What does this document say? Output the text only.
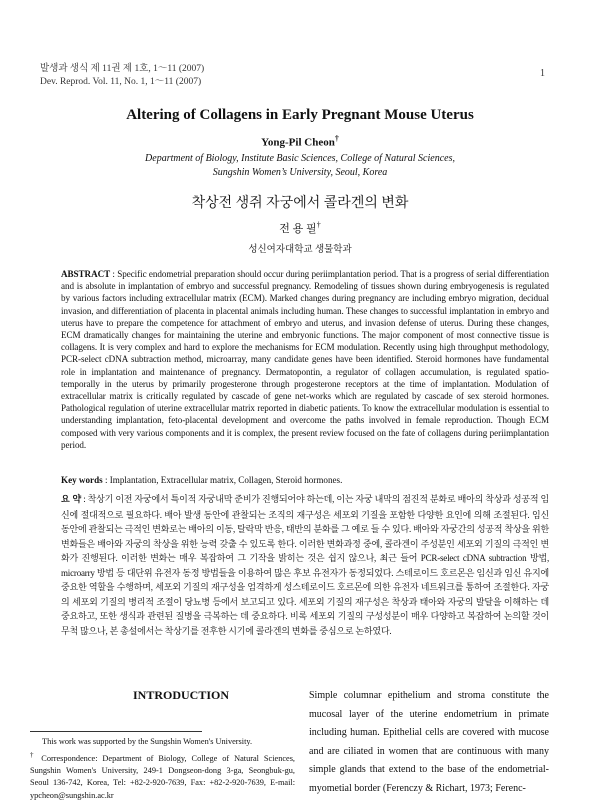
발생과 생식 제 11권 제 1호, 1～11 (2007)
Dev. Reprod. Vol. 11, No. 1, 1～11 (2007)
1
Altering of Collagens in Early Pregnant Mouse Uterus
Yong-Pil Cheon†
Department of Biology, Institute Basic Sciences, College of Natural Sciences,
Sungshin Women’s University, Seoul, Korea
착상전 생쥐 자궁에서 콜라겐의 변화
전 용 필†
성신여자대학교 생물학과
ABSTRACT : Specific endometrial preparation should occur during periimplantation period. That is a progress of serial differentiation and is absolute in implantation of embryo and successful pregnancy. Remodeling of tissues shown during embryogenesis is regulated by various factors including extracellular matrix (ECM). Marked changes during pregnancy are including embryo migration, decidual invasion, and differentiation of placenta in placental animals including human. These changes to successful implantation in embryo and uterus have to prepare the competence for attachment of embryo and uterus, and invasion defense of uterus. During these changes, ECM dramatically changes for maintaining the uterine and embryonic functions. The major component of most connective tissue is collagens. It is very complex and hard to explore the mechanisms for ECM modulation. Recently using high throughput methodology, PCR-select cDNA subtraction method, microarray, many candidate genes have been identified. Steroid hormones have fundamental role in implantation and maintenance of pregnancy. Dermatopontin, a regulator of collagen accumulation, is regulated spatio-temporally in the uterus by primarily progesterone through progesterone receptors at the time of implantation. Modulation of extracellular matrix is critically regulated by cascade of gene net-works which are regulated by cascade of sex steroid hormones. Pathological regulation of uterine extracellular matrix reported in diabetic patients. To know the extracellular modulation is essential to understanding implantation, feto-placental development and overcome the paths involved in female reproduction. Though ECM composed with very various components and it is complex, the present review focused on the fate of collagens during periimplantation period.
Key words : Implantation, Extracellular matrix, Collagen, Steroid hormones.
요 약 : 착상기 이전 자궁에서 특이적 자궁내막 준비가 진행되어야 하는데, 이는 자궁 내막의 점진적 분화로 배아의 착상과 성공적 임신에 절대적으로 필요하다. 배아 발생 동안에 관찰되는 조직의 재구성은 세포외 기질을 포함한 다양한 요인에 의해 조절된다. 임신 동안에 관찰되는 극적인 변화로는 배아의 이동, 탈락막 반응, 태반의 분화를 그 예로 들 수 있다. 배아와 자궁간의 성공적 착상을 위한 변화들은 배아와 자궁의 착상을 위한 능력 갖출 수 있도록 한다. 이러한 변화과정 중에, 콜라겐이 주성분인 세포외 기질의 극적인 변화가 진행된다. 이러한 변화는 매우 복잡하여 그 기작을 밝히는 것은 쉽지 않으나, 최근 들어 PCR-select cDNA subtraction 방법, microarry 방법 등 대단위 유전자 동정 방법들을 이용하여 많은 후보 유전자가 동정되었다. 스테로이드 호르몬은 임신과 임신 유지에 중요한 역할을 수행하며, 세포외 기질의 재구성을 엄격하게 성스테로이드 호르몬에 의한 유전자 네트워크를 통하여 조절한다. 자궁의 세포외 기질의 병리적 조절이 당뇨병 등에서 보고되고 있다. 세포외 기질의 재구성은 착상과 태아와 자궁의 발달을 이해하는 데 중요하고, 또한 생식과 관련된 질병을 극복하는 데 중요하다. 비록 세포외 기질의 구성성분이 매우 다양하고 복잡하여 논의할 것이 무척 많으나, 본 총설에서는 착상기를 전후한 시기에 콜라겐의 변화를 중심으로 논하였다.
INTRODUCTION	Simple columnar epithelium and stroma constitute the mucosal layer of the uterine endometrium in primate including human. Epithelial cells are covered with mucose and are ciliated in women that are continuous with many simple glands that extend to the base of the endometrial-myometial border (Ferenczy & Richart, 1973; Ferenc-

This work was supported by the Sungshin Women's University.

† Correspondence: Department of Biology, College of Natural Sciences, Sungshin Women's University, 249-1 Dongseon-dong 3-ga, Seongbuk-gu, Seoul 136-742, Korea, Tel: +82-2-920-7639, Fax: +82-2-920-7639, E-mail: ypcheon@sungshin.ac.kr
